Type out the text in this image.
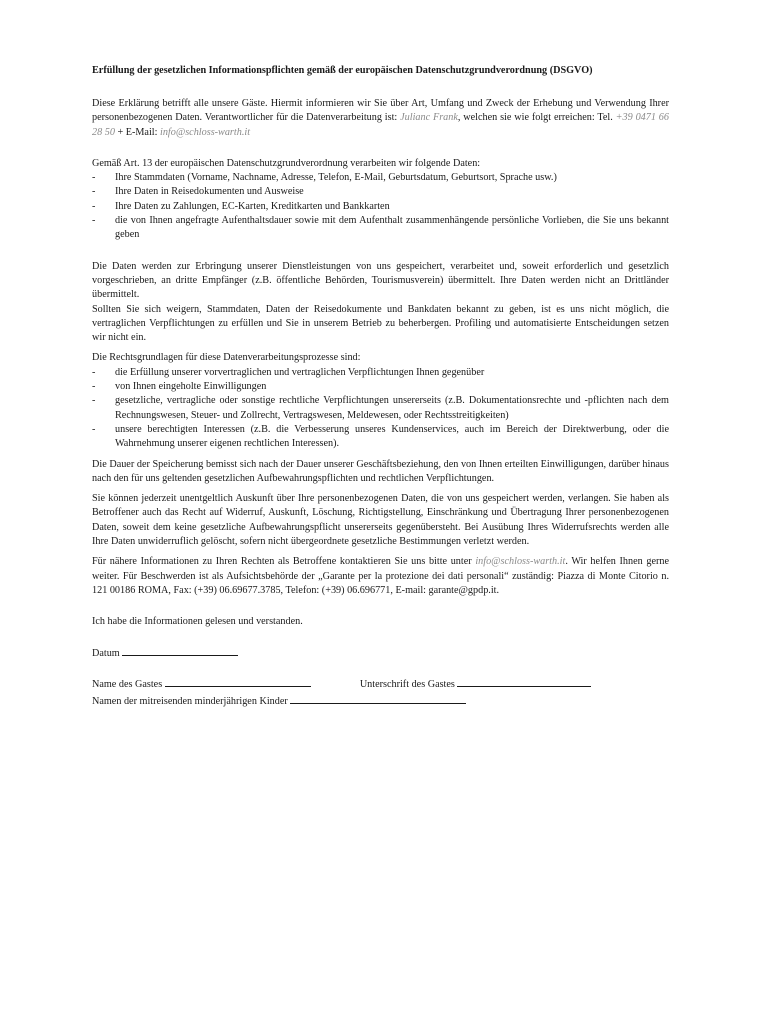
Erfüllung der gesetzlichen Informationspflichten gemäß der europäischen Datenschutzgrundverordnung (DSGVO)

Diese Erklärung betrifft alle unsere Gäste. Hiermit informieren wir Sie über Art, Umfang und Zweck der Erhebung und Verwendung Ihrer personenbezogenen Daten. Verantwortlicher für die Datenverarbeitung ist: Julianc Frank, welchen sie wie folgt erreichen: Tel. +39 0471 66 28 50 + E-Mail: info@schloss-warth.it

Gemäß Art. 13 der europäischen Datenschutzgrundverordnung verarbeiten wir folgende Daten:

- Ihre Stammdaten (Vorname, Nachname, Adresse, Telefon, E-Mail, Geburtsdatum, Geburtsort, Sprache usw.)
- Ihre Daten in Reisedokumenten und Ausweise
- Ihre Daten zu Zahlungen, EC-Karten, Kreditkarten und Bankkarten
- die von Ihnen angefragte Aufenthaltsdauer sowie mit dem Aufenthalt zusammenhängende persönliche Vorlieben, die Sie uns bekannt geben

Die Daten werden zur Erbringung unserer Dienstleistungen von uns gespeichert, verarbeitet und, soweit erforderlich und gesetzlich vorgeschrieben, an dritte Empfänger (z.B. öffentliche Behörden, Tourismusverein) übermittelt. Ihre Daten werden nicht an Drittländer übermittelt.

Sollten Sie sich weigern, Stammdaten, Daten der Reisedokumente und Bankdaten bekannt zu geben, ist es uns nicht möglich, die vertraglichen Verpflichtungen zu erfüllen und Sie in unserem Betrieb zu beherbergen. Profiling und automatisierte Entscheidungen setzen wir nicht ein.

Die Rechtsgrundlagen für diese Datenverarbeitungsprozesse sind:

- die Erfüllung unserer vorvertraglichen und vertraglichen Verpflichtungen Ihnen gegenüber
- von Ihnen eingeholte Einwilligungen
- gesetzliche, vertragliche oder sonstige rechtliche Verpflichtungen unsererseits (z.B. Dokumentationsrechte und -pflichten nach dem Rechnungswesen, Steuer- und Zollrecht, Vertragswesen, Meldewesen, oder Rechtsstreitigkeiten)
- unsere berechtigten Interessen (z.B. die Verbesserung unseres Kundenservices, auch im Bereich der Direktwerbung, oder die Wahrnehmung unserer eigenen rechtlichen Interessen).

Die Dauer der Speicherung bemisst sich nach der Dauer unserer Geschäftsbeziehung, den von Ihnen erteilten Einwilligungen, darüber hinaus nach den für uns geltenden gesetzlichen Aufbewahrungspflichten und rechtlichen Verpflichtungen.

Sie können jederzeit unentgeltlich Auskunft über Ihre personenbezogenen Daten, die von uns gespeichert werden, verlangen. Sie haben als Betroffener auch das Recht auf Widerruf, Auskunft, Löschung, Richtigstellung, Einschränkung und Übertragung Ihrer personenbezogenen Daten, soweit dem keine gesetzliche Aufbewahrungspflicht unsererseits gegenübersteht. Bei Ausübung Ihres Widerrufsrechts werden alle Ihre Daten unwiderruflich gelöscht, sofern nicht übergeordnete gesetzliche Bestimmungen verletzt werden.

Für nähere Informationen zu Ihren Rechten als Betroffene kontaktieren Sie uns bitte unter info@schloss-warth.it. Wir helfen Ihnen gerne weiter. Für Beschwerden ist als Aufsichtsbehörde der „Garante per la protezione dei dati personali“ zuständig: Piazza di Monte Citorio n. 121 00186 ROMA, Fax: (+39) 06.69677.3785, Telefon: (+39) 06.696771, E-mail: garante@gpdp.it.

Ich habe die Informationen gelesen und verstanden.

Datum
Name des Gastes	Unterschrift des Gastes
Namen der mitreisenden minderjährigen Kinder
